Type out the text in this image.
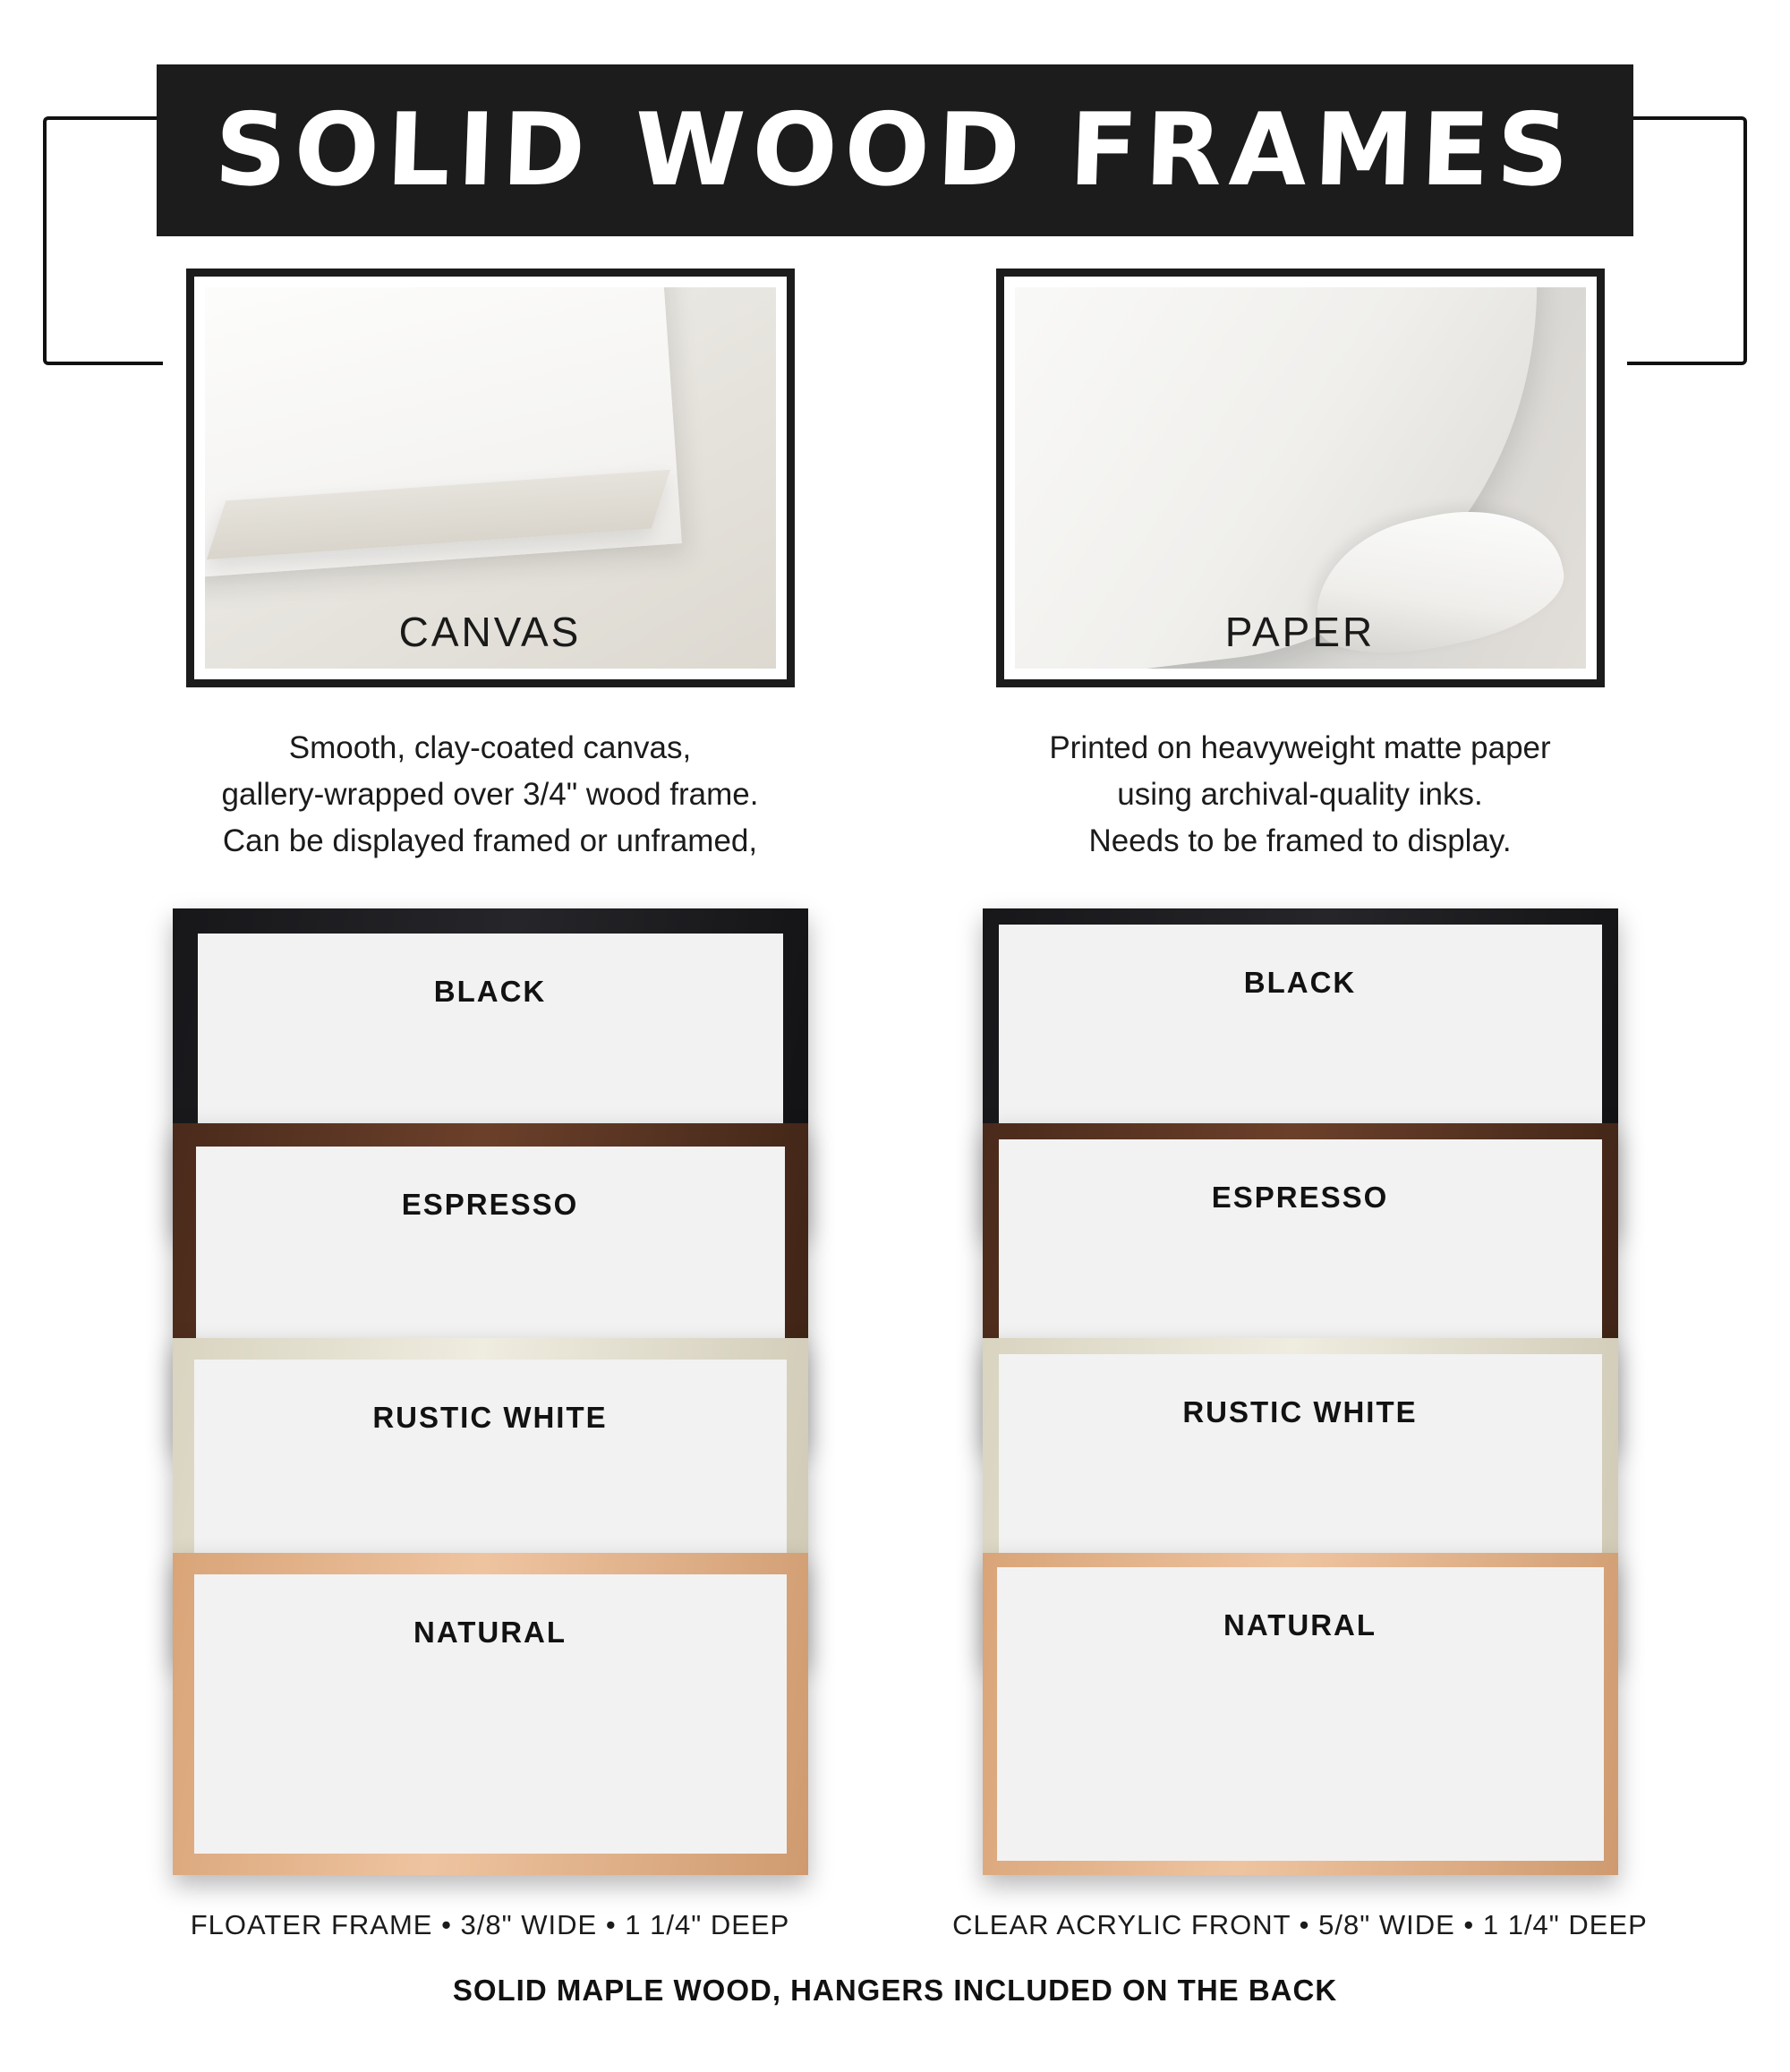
SOLID WOOD FRAMES
CANVAS
Smooth, clay-coated canvas,
gallery-wrapped over 3/4" wood frame.
Can be displayed framed or unframed,
BLACK
ESPRESSO
RUSTIC WHITE
NATURAL
FLOATER FRAME • 3/8" WIDE • 1 1/4" DEEP
PAPER
Printed on heavyweight matte paper
using archival-quality inks.
Needs to be framed to display.
BLACK
ESPRESSO
RUSTIC WHITE
NATURAL
CLEAR ACRYLIC FRONT • 5/8" WIDE • 1 1/4" DEEP
SOLID MAPLE WOOD, HANGERS INCLUDED ON THE BACK
